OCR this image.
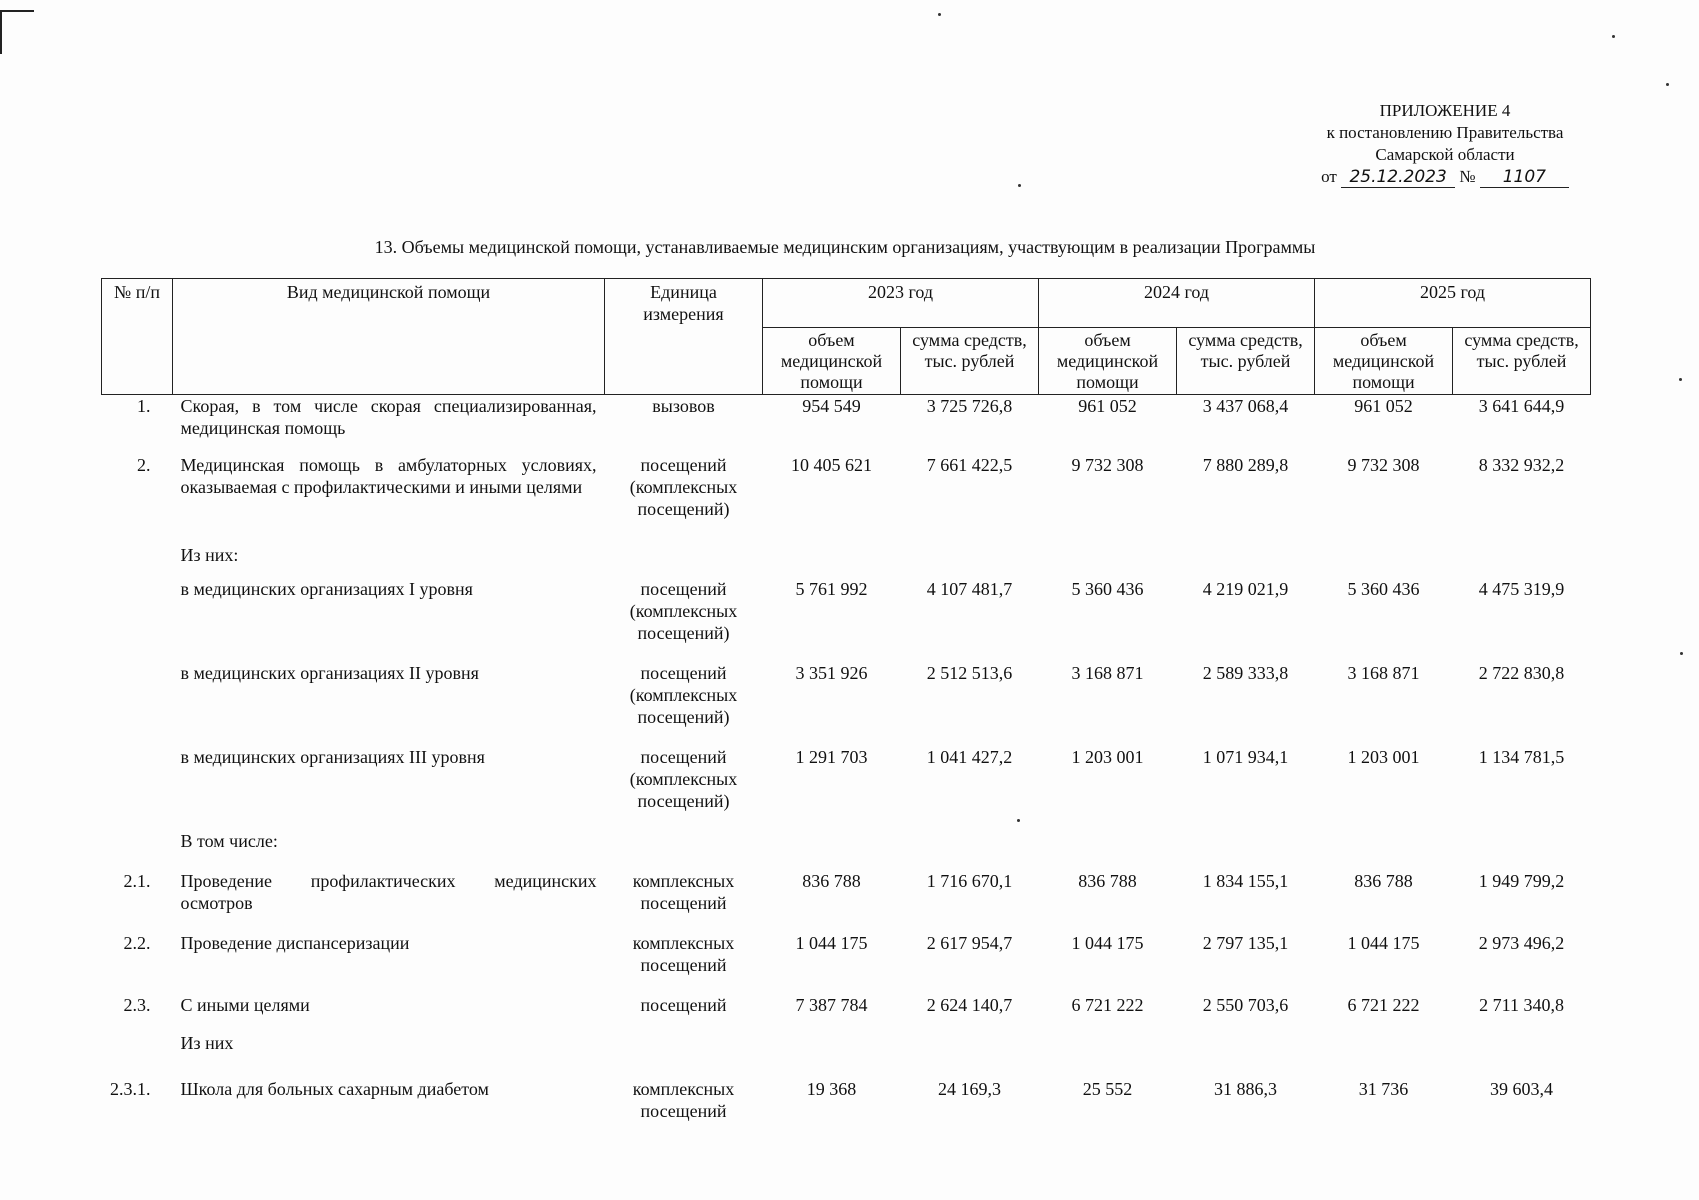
ПРИЛОЖЕНИЕ 4
к постановлению Правительства
Самарской области
от 25.12.2023 № 1107
13. Объемы медицинской помощи, устанавливаемые медицинским организациям, участвующим в реализации Программы
№ п/п	Вид медицинской помощи	Единица измерения	2023 год		2024 год		2025 год	
			объем медицинской помощи	сумма средств, тыс. рублей	объем медицинской помощи	сумма средств, тыс. рублей	объем медицинской помощи	сумма средств, тыс. рублей
1.	Скорая, в том числе скорая специализированная, медицинская помощь	вызовов	954 549	3 725 726,8	961 052	3 437 068,4	961 052	3 641 644,9
2.	Медицинская помощь в амбулаторных условиях, оказываемая с профилактическими и иными целями	посещений (комплексных посещений)	10 405 621	7 661 422,5	9 732 308	7 880 289,8	9 732 308	8 332 932,2
	Из них:							
	в медицинских организациях I уровня	посещений (комплексных посещений)	5 761 992	4 107 481,7	5 360 436	4 219 021,9	5 360 436	4 475 319,9
	в медицинских организациях II уровня	посещений (комплексных посещений)	3 351 926	2 512 513,6	3 168 871	2 589 333,8	3 168 871	2 722 830,8
	в медицинских организациях III уровня	посещений (комплексных посещений)	1 291 703	1 041 427,2	1 203 001	1 071 934,1	1 203 001	1 134 781,5
	В том числе:							
2.1.	Проведение профилактических медицинских осмотров	комплексных посещений	836 788	1 716 670,1	836 788	1 834 155,1	836 788	1 949 799,2
2.2.	Проведение диспансеризации	комплексных посещений	1 044 175	2 617 954,7	1 044 175	2 797 135,1	1 044 175	2 973 496,2
2.3.	С иными целями	посещений	7 387 784	2 624 140,7	6 721 222	2 550 703,6	6 721 222	2 711 340,8
	Из них							
2.3.1.	Школа для больных сахарным диабетом	комплексных посещений	19 368	24 169,3	25 552	31 886,3	31 736	39 603,4
